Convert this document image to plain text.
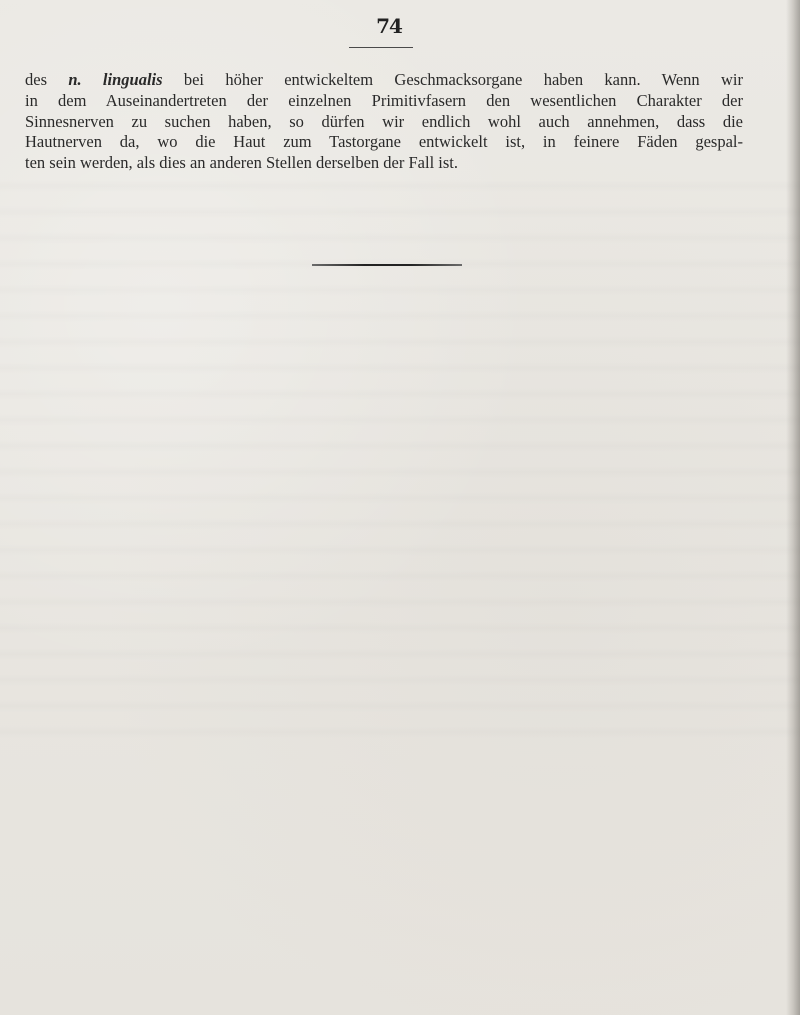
74
des n. lingualis bei höher entwickeltem Geschmacksorgane haben kann. Wenn wir
in dem Auseinandertreten der einzelnen Primitivfasern den wesentlichen Charakter der
Sinnesnerven zu suchen haben, so dürfen wir endlich wohl auch annehmen, dass die
Hautnerven da, wo die Haut zum Tastorgane entwickelt ist, in feinere Fäden gespal-
ten sein werden, als dies an anderen Stellen derselben der Fall ist.
